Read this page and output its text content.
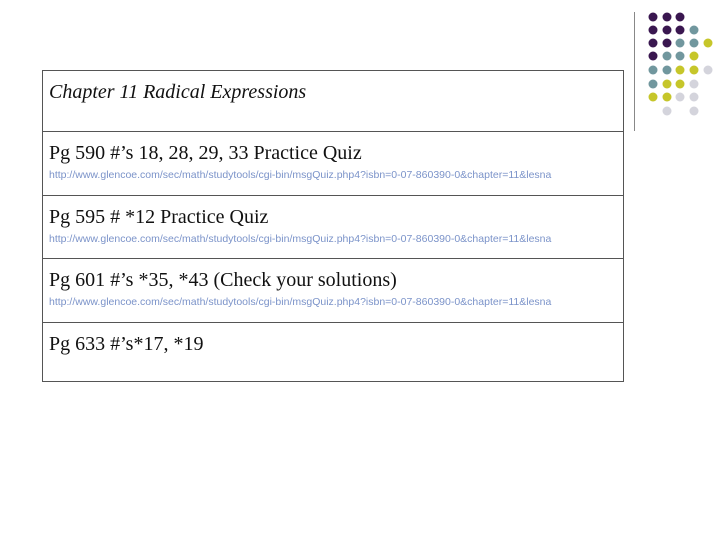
Chapter 11 Radical Expressions
Pg 590 #’s 18, 28, 29, 33 Practice Quiz
http://www.glencoe.com/sec/math/studytools/cgi-bin/msgQuiz.php4?isbn=0-07-860390-0&chapter=11&lesna
Pg 595 # *12 Practice Quiz
http://www.glencoe.com/sec/math/studytools/cgi-bin/msgQuiz.php4?isbn=0-07-860390-0&chapter=11&lesna
Pg 601 #’s *35, *43 (Check your solutions)
http://www.glencoe.com/sec/math/studytools/cgi-bin/msgQuiz.php4?isbn=0-07-860390-0&chapter=11&lesna
Pg 633 #’s*17, *19
